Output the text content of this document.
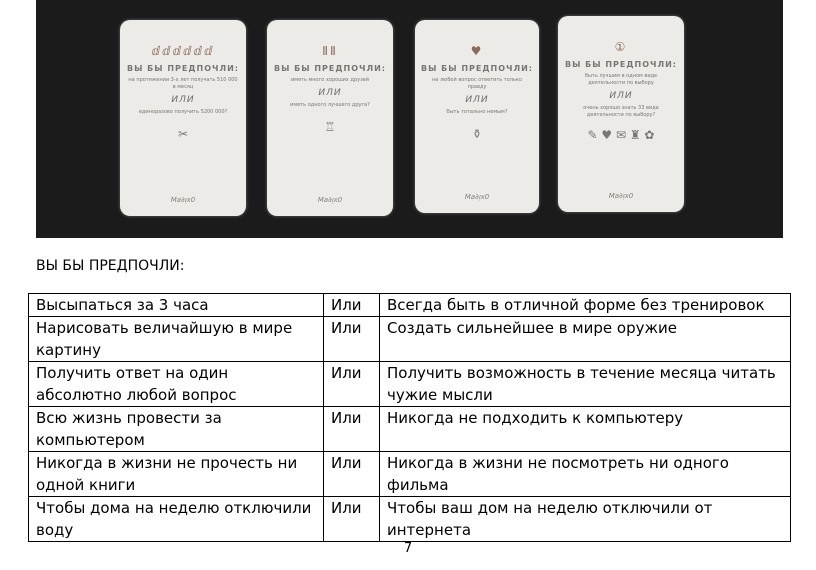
ⅆⅆⅆⅆⅆⅆ
ВЫ БЫ ПРЕДПОЧЛИ:
на протяжении 3-х лет получать 510 000 в месяц
ИЛИ
единоразово получить 5200 000?
✂
Ma∂ᴉx0
ⅡⅡ
ВЫ БЫ ПРЕДПОЧЛИ:
иметь много хороших друзей
ИЛИ
иметь одного лучшего друга?
♖
Ma∂ᴉx0
♥
ВЫ БЫ ПРЕДПОЧЛИ:
на любой вопрос ответить только правду
ИЛИ
быть тотально немым?
⚱
Ma∂ᴉx0
①
ВЫ БЫ ПРЕДПОЧЛИ:
быть лучшим в одном виде деятельности по выбору
ИЛИ
очень хорошо знать 33 вида деятельности по выбору?
✎ ♥ ✉ ♜ ✿
Ma∂ᴉx0
ВЫ БЫ ПРЕДПОЧЛИ:
Высыпаться за 3 часа	Или	Всегда быть в отличной форме без тренировок
Нарисовать величайшую в мире картину	Или	Создать сильнейшее в мире оружие
Получить ответ на один абсолютно любой вопрос	Или	Получить возможность в течение месяца читать чужие мысли
Всю жизнь провести за компьютером	Или	Никогда не подходить к компьютеру
Никогда в жизни не прочесть ни одной книги	Или	Никогда в жизни не посмотреть ни одного фильма
Чтобы дома на неделю отключили воду	Или	Чтобы ваш дом на неделю отключили от интернета
7
